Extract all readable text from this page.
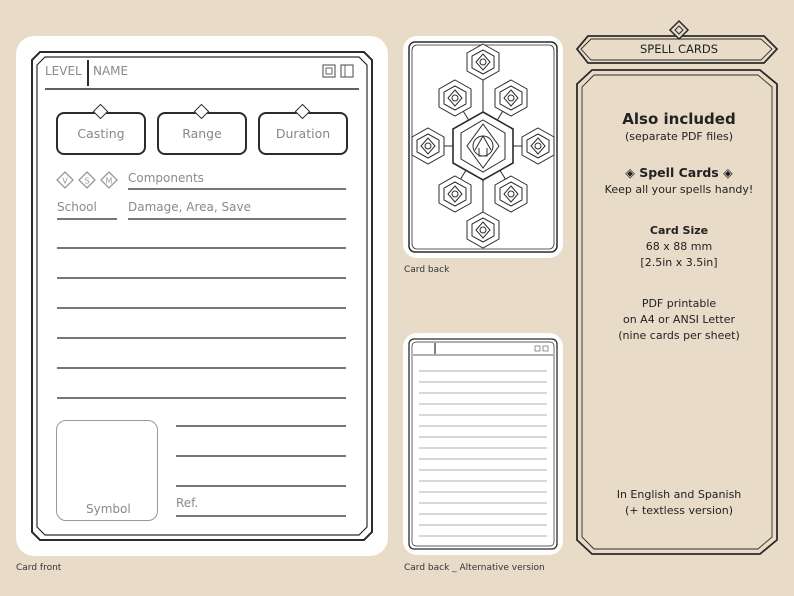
LEVEL NAME
Casting	Range	Duration
V S M Components
School	Damage, Area, Save
Symbol	Ref.
Card front
Card back
Card back _ Alternative version
SPELL CARDS
Also included
(separate PDF files)
◈ Spell Cards ◈
Keep all your spells handy!
Card Size
68 x 88 mm
[2.5in x 3.5in]
PDF printable
on A4 or ANSI Letter
(nine cards per sheet)
In English and Spanish
(+ textless version)
